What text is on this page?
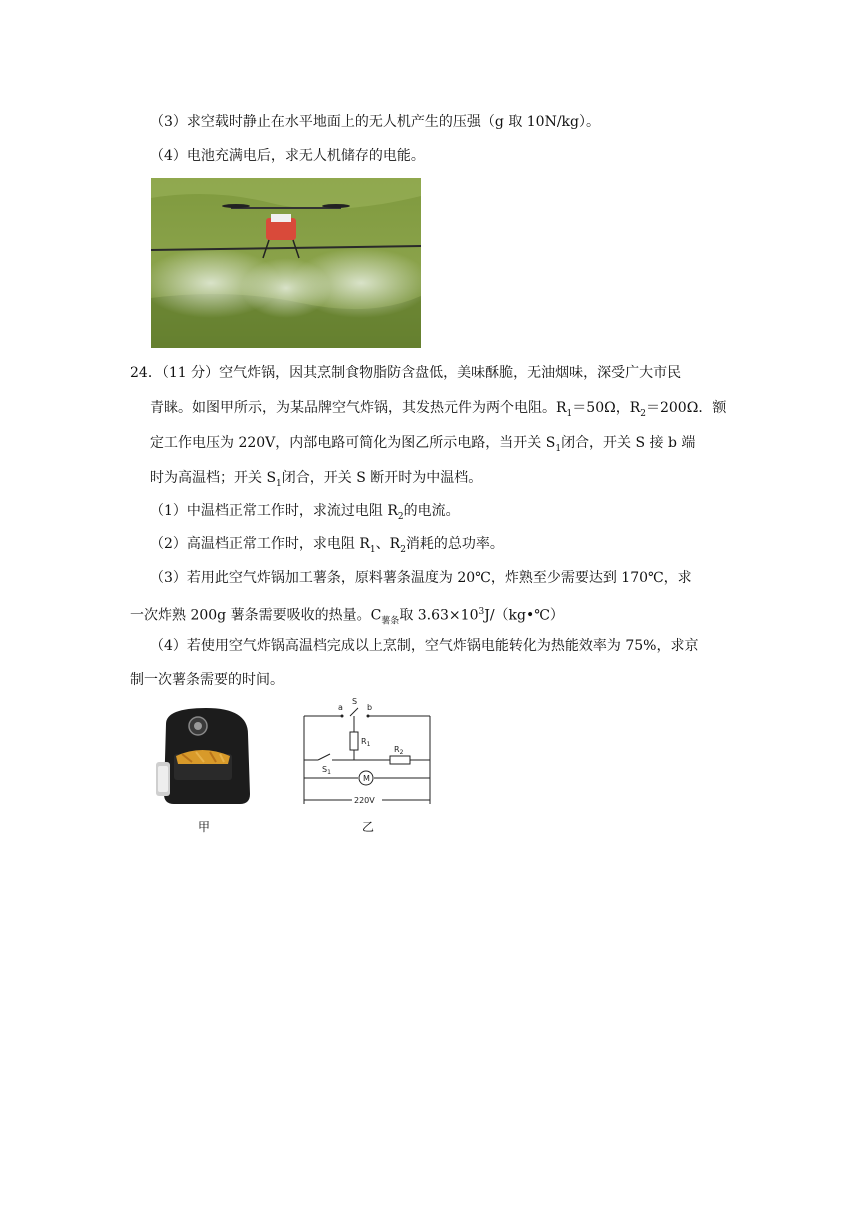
（3）求空载时静止在水平地面上的无人机产生的压强（g 取 10N/kg）。
（4）电池充满电后，求无人机储存的电能。
24．（11 分）空气炸锅，因其烹制食物脂防含盘低，美味酥脆，无油烟味，深受广大市民
青睐。如图甲所示，为某品牌空气炸锅，其发热元件为两个电阻。$R_1=50\Omega$，$R_2=200\Omega$．额
定工作电压为 220V，内部电路可简化为图乙所示电路，当开关 $S_1$闭合，开关 S 接 b 端
时为高温档；开关 $S_1$闭合，开关 S 断开时为中温档。
（1）中温档正常工作时，求流过电阻 $R_2$的电流。
（2）高温档正常工作时，求电阻 $R_1$、$R_2$消耗的总功率。
（3）若用此空气炸锅加工薯条，原料薯条温度为 20℃，炸熟至少需要达到 170℃，求
一次炸熟 200g 薯条需要吸收的热量。$C_{薯条}$取 $3.63\times 10^3J/(kg•℃)$
（4）若使用空气炸锅高温档完成以上烹制，空气炸锅电能转化为热能效率为 75%，求京
制一次薯条需要的时间。
甲
a
S
b
$R_1$
$R_2$
$S_1$
M
220V
乙
